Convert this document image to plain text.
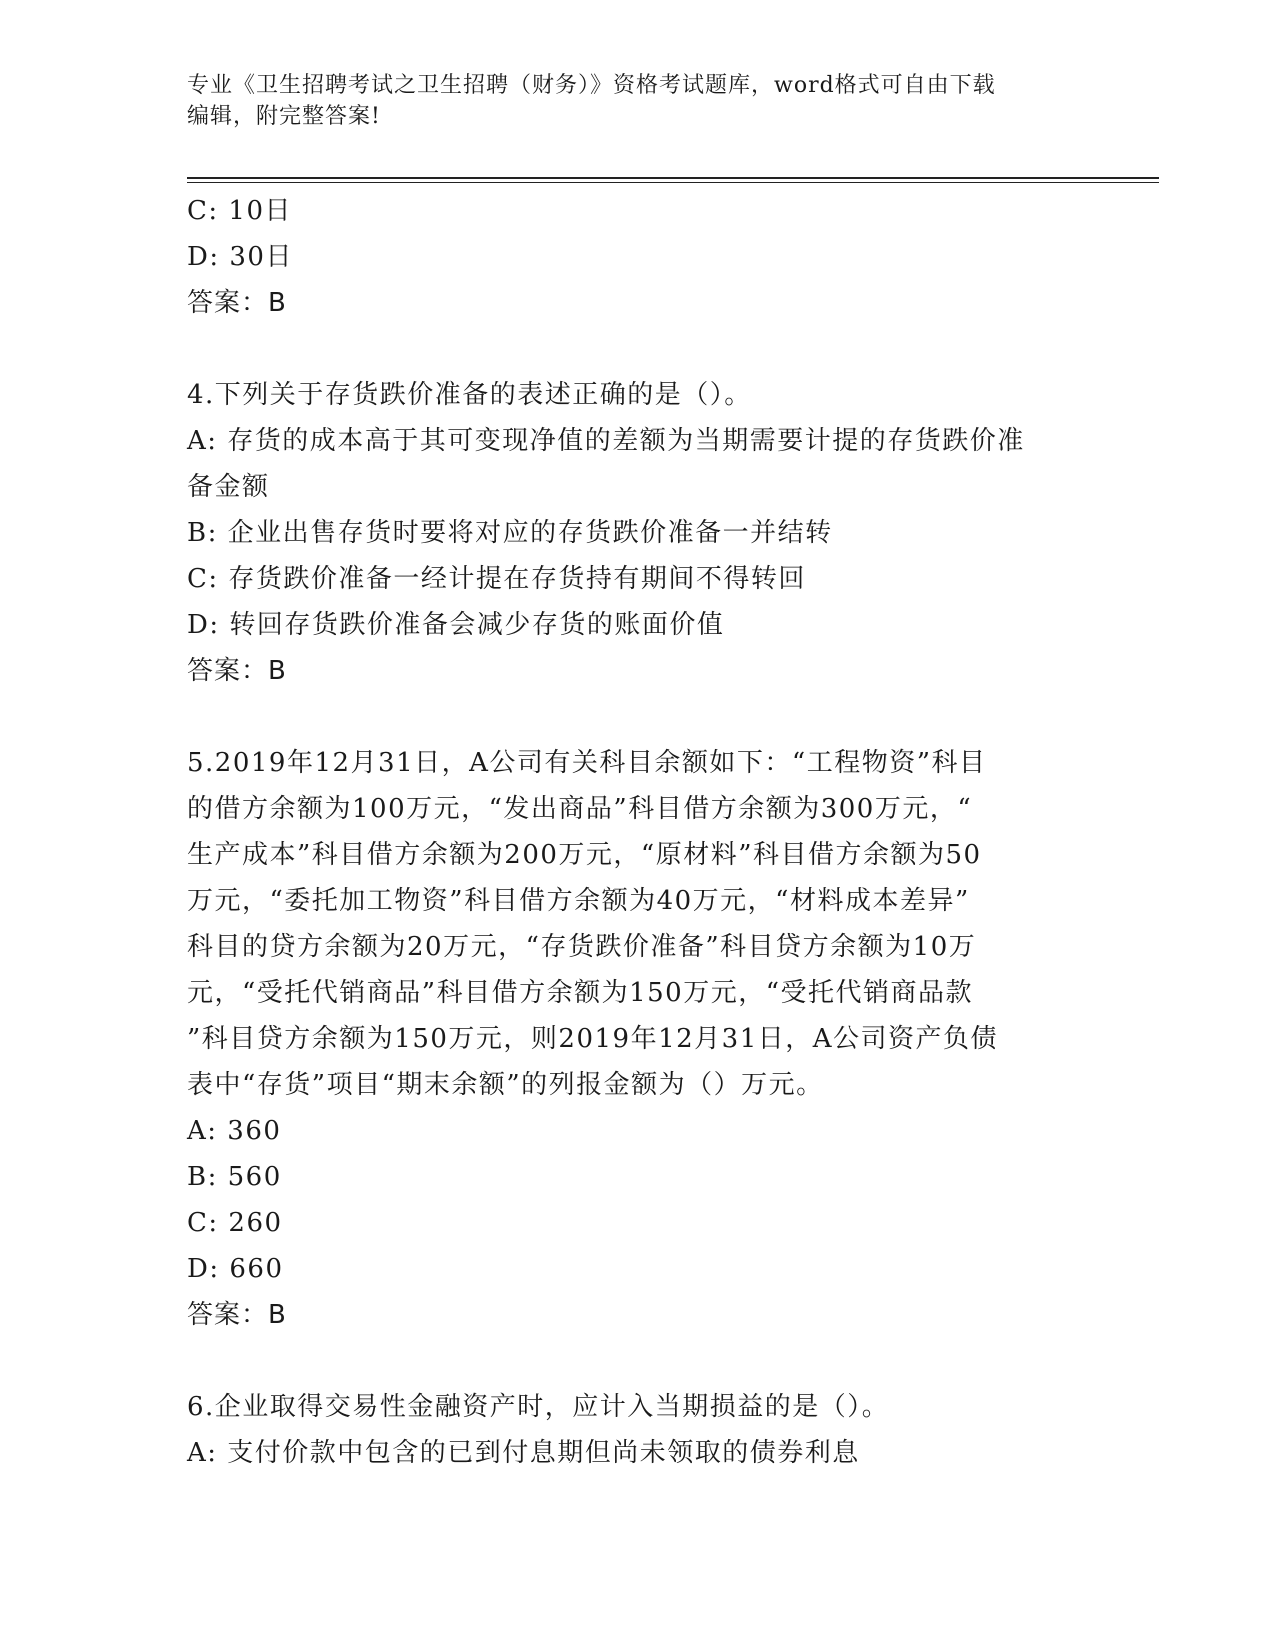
专业《卫生招聘考试之卫生招聘（财务）》资格考试题库，word格式可自由下载
编辑，附完整答案!
C: 10日
D: 30日
答案：B
4.下列关于存货跌价准备的表述正确的是（）。
A: 存货的成本高于其可变现净值的差额为当期需要计提的存货跌价准
备金额
B: 企业出售存货时要将对应的存货跌价准备一并结转
C: 存货跌价准备一经计提在存货持有期间不得转回
D: 转回存货跌价准备会减少存货的账面价值
答案：B
5.2019年12月31日，A公司有关科目余额如下：“工程物资”科目
的借方余额为100万元，“发出商品”科目借方余额为300万元，“
生产成本”科目借方余额为200万元，“原材料”科目借方余额为50
万元，“委托加工物资”科目借方余额为40万元，“材料成本差异”
科目的贷方余额为20万元，“存货跌价准备”科目贷方余额为10万
元，“受托代销商品”科目借方余额为150万元，“受托代销商品款
”科目贷方余额为150万元，则2019年12月31日，A公司资产负债
表中“存货”项目“期末余额”的列报金额为（）万元。
A: 360
B: 560
C: 260
D: 660
答案：B
6.企业取得交易性金融资产时，应计入当期损益的是（）。
A: 支付价款中包含的已到付息期但尚未领取的债券利息
